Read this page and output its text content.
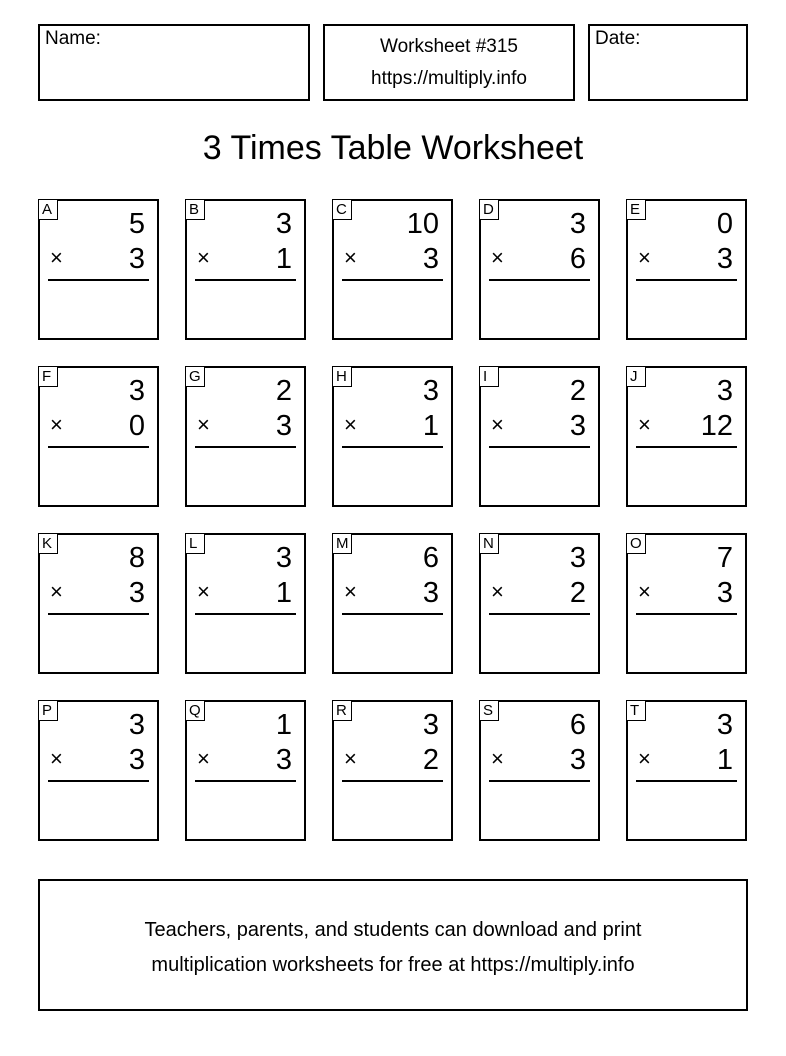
Name:	Worksheet #315
https://multiply.info
Date:
3 Times Table Worksheet
A	5
× 3
B	3
× 1
C 10
× 3
D	3
× 6
E	0
× 3
F	3
× 0
G	2
× 3
H	3
× 1
I	2
× 3
J	3
× 12
K	8
× 3
L	3
× 1
M	6
× 3
N	3
× 2
O	7
× 3
P	3
× 3
Q	1
× 3
R	3
× 2
S	6
× 3
T	3
× 1
Teachers, parents, and students can download and print
multiplication worksheets for free at https://multiply.info
